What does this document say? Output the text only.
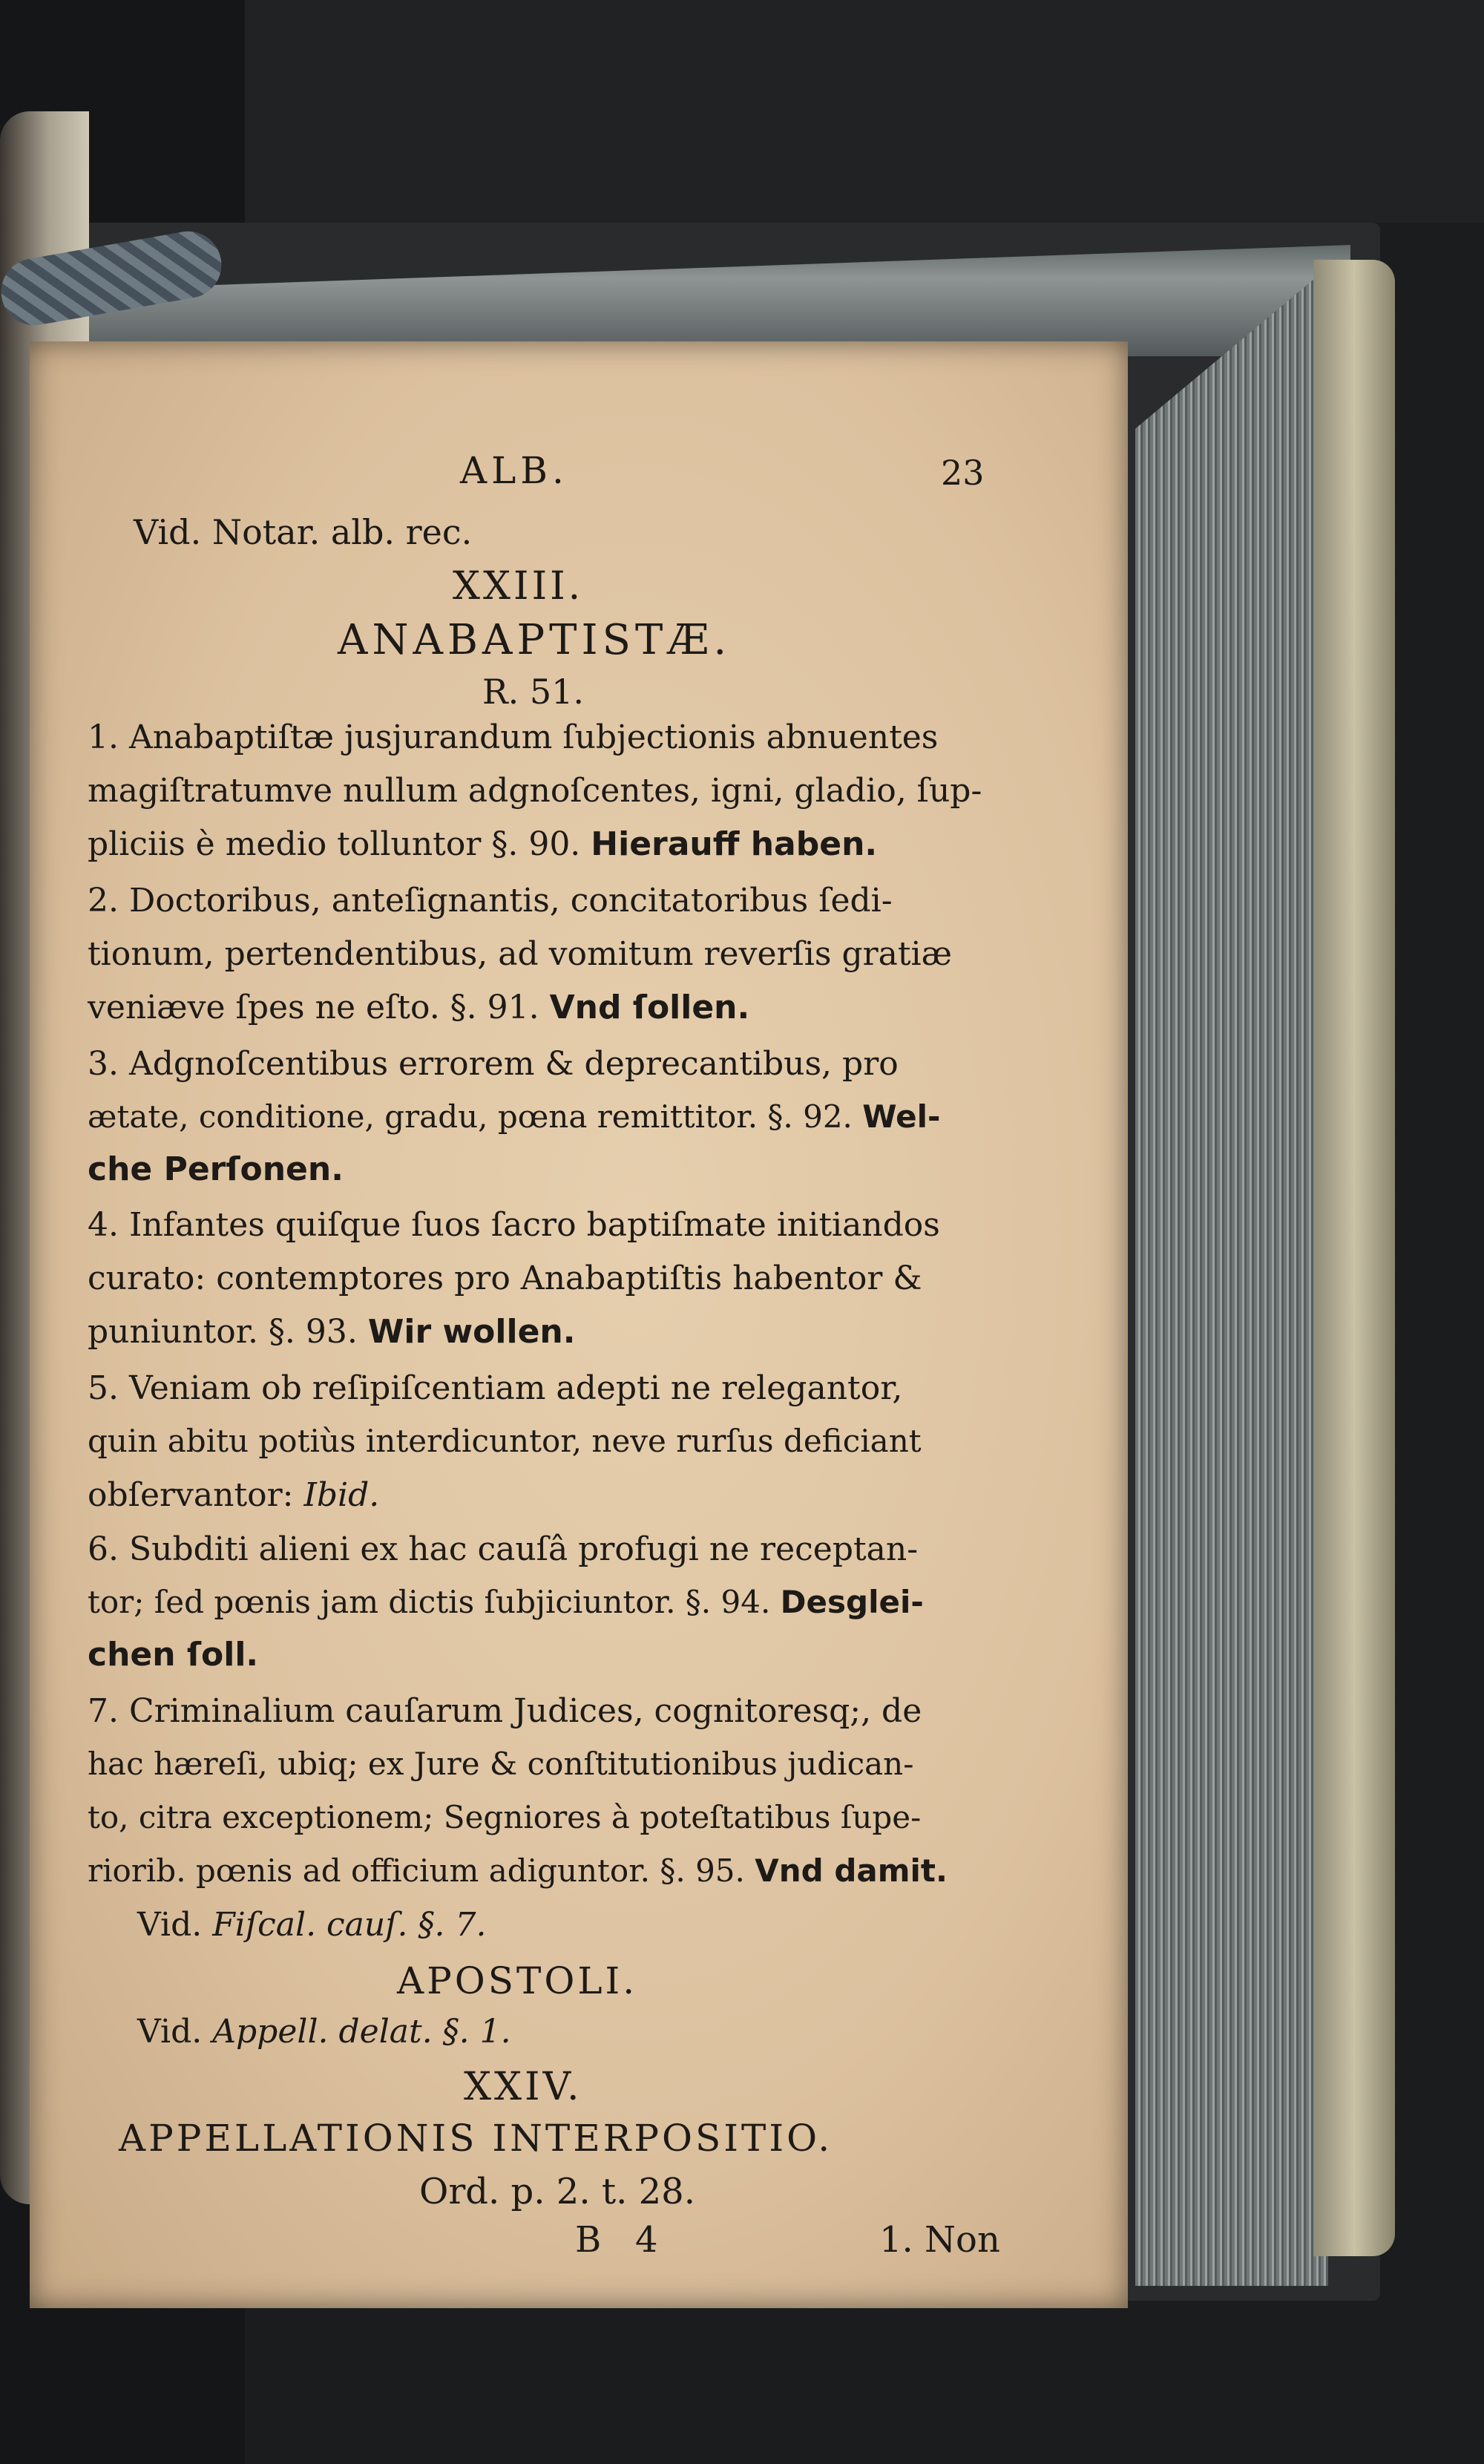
ALB.	23
Vid. Notar. alb. rec.
XXIII.
ANABAPTISTÆ.
R. 51.
1. Anabaptiſtæ jusjurandum ſubjectionis abnuentes
magiſtratumve nullum adgnoſcentes, igni, gladio, ſup-
pliciis è medio tolluntor §. 90. Hierauff haben.
2. Doctoribus, anteſignantis, concitatoribus ſedi-
tionum, pertendentibus, ad vomitum reverſis gratiæ
veniæve ſpes ne eſto. §. 91. Vnd ſollen.
3. Adgnoſcentibus errorem & deprecantibus, pro
ætate, conditione, gradu, pœna remittitor. §. 92. Wel-
che Perſonen.
4. Infantes quiſque ſuos ſacro baptiſmate initiandos
curato: contemptores pro Anabaptiſtis habentor &
puniuntor. §. 93. Wir wollen.
5. Veniam ob reſipiſcentiam adepti ne relegantor,
quin abitu potiùs interdicuntor, neve rurſus deficiant
obſervantor: Ibid.
6. Subditi alieni ex hac cauſâ profugi ne receptan-
tor; ſed pœnis jam dictis ſubjiciuntor. §. 94. Desglei-
chen ſoll.
7. Criminalium cauſarum Judices, cognitoresq;, de
hac hæreſi, ubiq; ex Jure & conſtitutionibus judican-
to, citra exceptionem; Segniores à poteſtatibus ſupe-
riorib. pœnis ad officium adiguntor. §. 95. Vnd damit.
Vid. Fiſcal. cauſ. §. 7.
APOSTOLI.
Vid. Appell. delat. §. 1.
XXIV.
APPELLATIONIS INTERPOSITIO.
Ord. p. 2. t. 28.
B   4	1. Non
